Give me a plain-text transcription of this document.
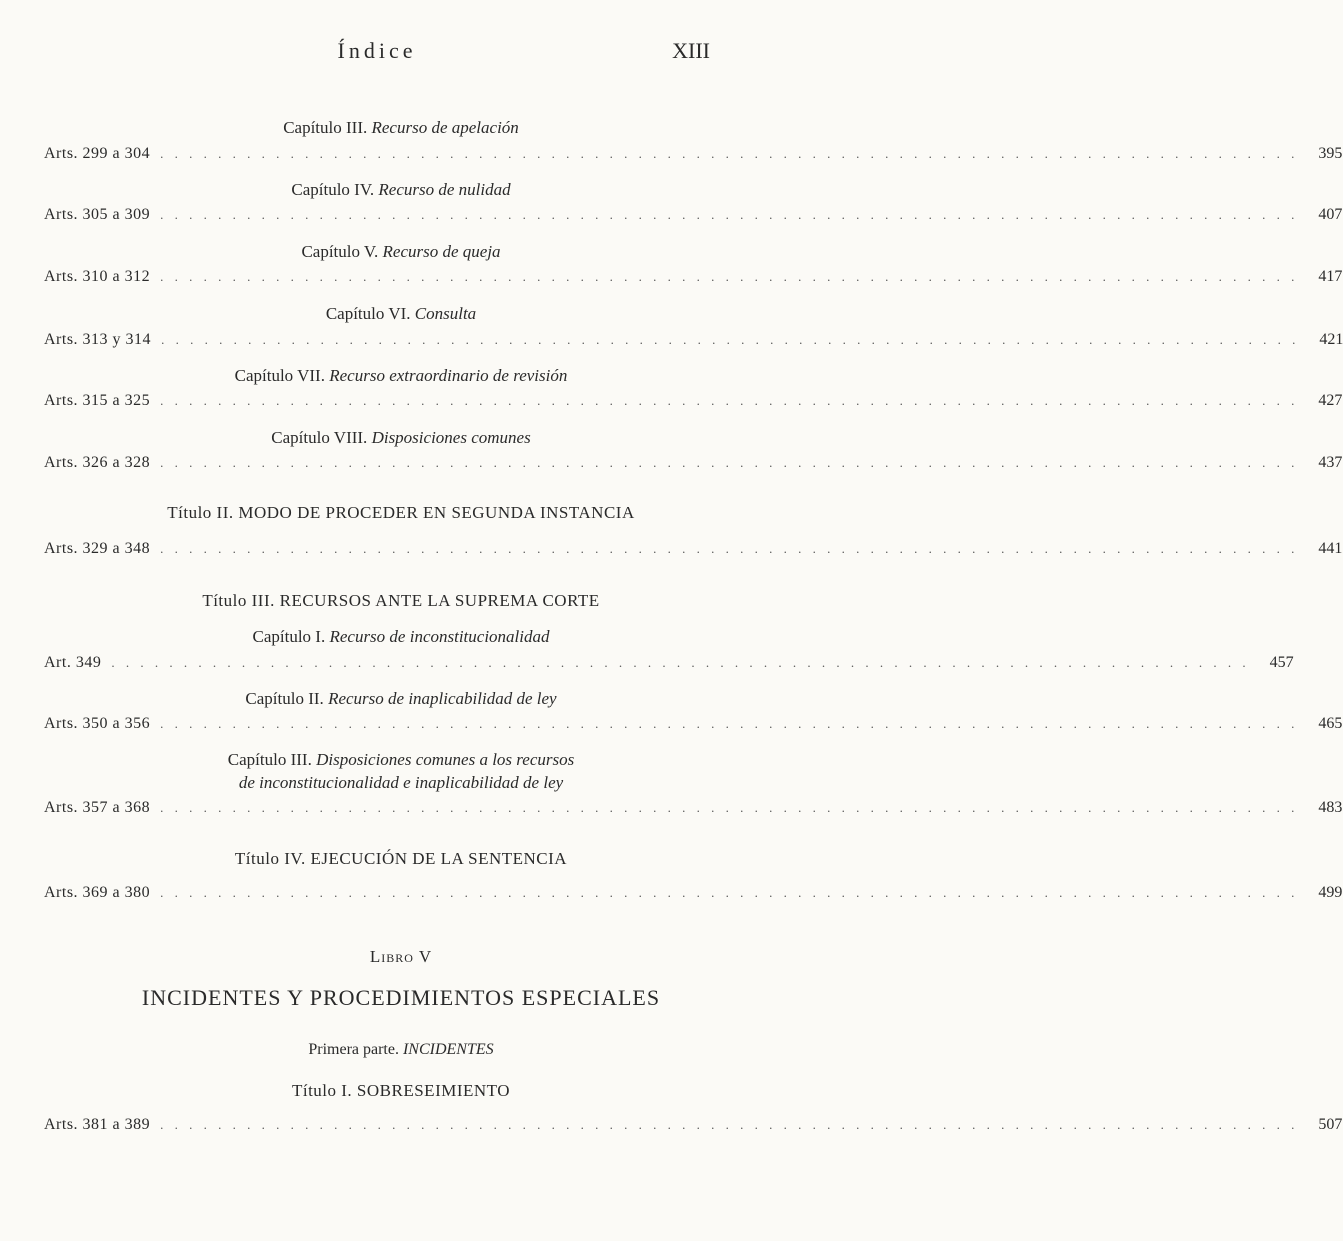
Índice	XIII
Capítulo III. Recurso de apelación
Arts. 299 a 304 . . . . . . . . . . . . . . . . . . . . . . . . . . . . . . . . . . . . . . . . . . . . . . . . . . . . . . . . . . . . . . . . . . . . . . . . . . . . . . .	395
Capítulo IV. Recurso de nulidad
Arts. 305 a 309 . . . . . . . . . . . . . . . . . . . . . . . . . . . . . . . . . . . . . . . . . . . . . . . . . . . . . . . . . . . . . . . . . . . . . . . . . . . . . . .	407
Capítulo V. Recurso de queja
Arts. 310 a 312 . . . . . . . . . . . . . . . . . . . . . . . . . . . . . . . . . . . . . . . . . . . . . . . . . . . . . . . . . . . . . . . . . . . . . . . . . . . . . . .	417
Capítulo VI. Consulta
Arts. 313 y 314 . . . . . . . . . . . . . . . . . . . . . . . . . . . . . . . . . . . . . . . . . . . . . . . . . . . . . . . . . . . . . . . . . . . . . . . . . . . . . . .	421
Capítulo VII. Recurso extraordinario de revisión
Arts. 315 a 325 . . . . . . . . . . . . . . . . . . . . . . . . . . . . . . . . . . . . . . . . . . . . . . . . . . . . . . . . . . . . . . . . . . . . . . . . . . . . . . .	427
Capítulo VIII. Disposiciones comunes
Arts. 326 a 328 . . . . . . . . . . . . . . . . . . . . . . . . . . . . . . . . . . . . . . . . . . . . . . . . . . . . . . . . . . . . . . . . . . . . . . . . . . . . . . .	437
Título II. MODO DE PROCEDER EN SEGUNDA INSTANCIA
Arts. 329 a 348 . . . . . . . . . . . . . . . . . . . . . . . . . . . . . . . . . . . . . . . . . . . . . . . . . . . . . . . . . . . . . . . . . . . . . . . . . . . . . . .	441
Título III. RECURSOS ANTE LA SUPREMA CORTE
Capítulo I. Recurso de inconstitucionalidad
Art. 349 . . . . . . . . . . . . . . . . . . . . . . . . . . . . . . . . . . . . . . . . . . . . . . . . . . . . . . . . . . . . . . . . . . . . . . . . . . . . . . .	457
Capítulo II. Recurso de inaplicabilidad de ley
Arts. 350 a 356 . . . . . . . . . . . . . . . . . . . . . . . . . . . . . . . . . . . . . . . . . . . . . . . . . . . . . . . . . . . . . . . . . . . . . . . . . . . . . . .	465
Capítulo III. Disposiciones comunes a los recursos
de inconstitucionalidad e inaplicabilidad de ley
Arts. 357 a 368 . . . . . . . . . . . . . . . . . . . . . . . . . . . . . . . . . . . . . . . . . . . . . . . . . . . . . . . . . . . . . . . . . . . . . . . . . . . . . . .	483
Título IV. EJECUCIÓN DE LA SENTENCIA
Arts. 369 a 380 . . . . . . . . . . . . . . . . . . . . . . . . . . . . . . . . . . . . . . . . . . . . . . . . . . . . . . . . . . . . . . . . . . . . . . . . . . . . . . .	499
Libro V
INCIDENTES Y PROCEDIMIENTOS ESPECIALES
Primera parte. INCIDENTES
Título I. SOBRESEIMIENTO
Arts. 381 a 389 . . . . . . . . . . . . . . . . . . . . . . . . . . . . . . . . . . . . . . . . . . . . . . . . . . . . . . . . . . . . . . . . . . . . . . . . . . . . . . .	507
